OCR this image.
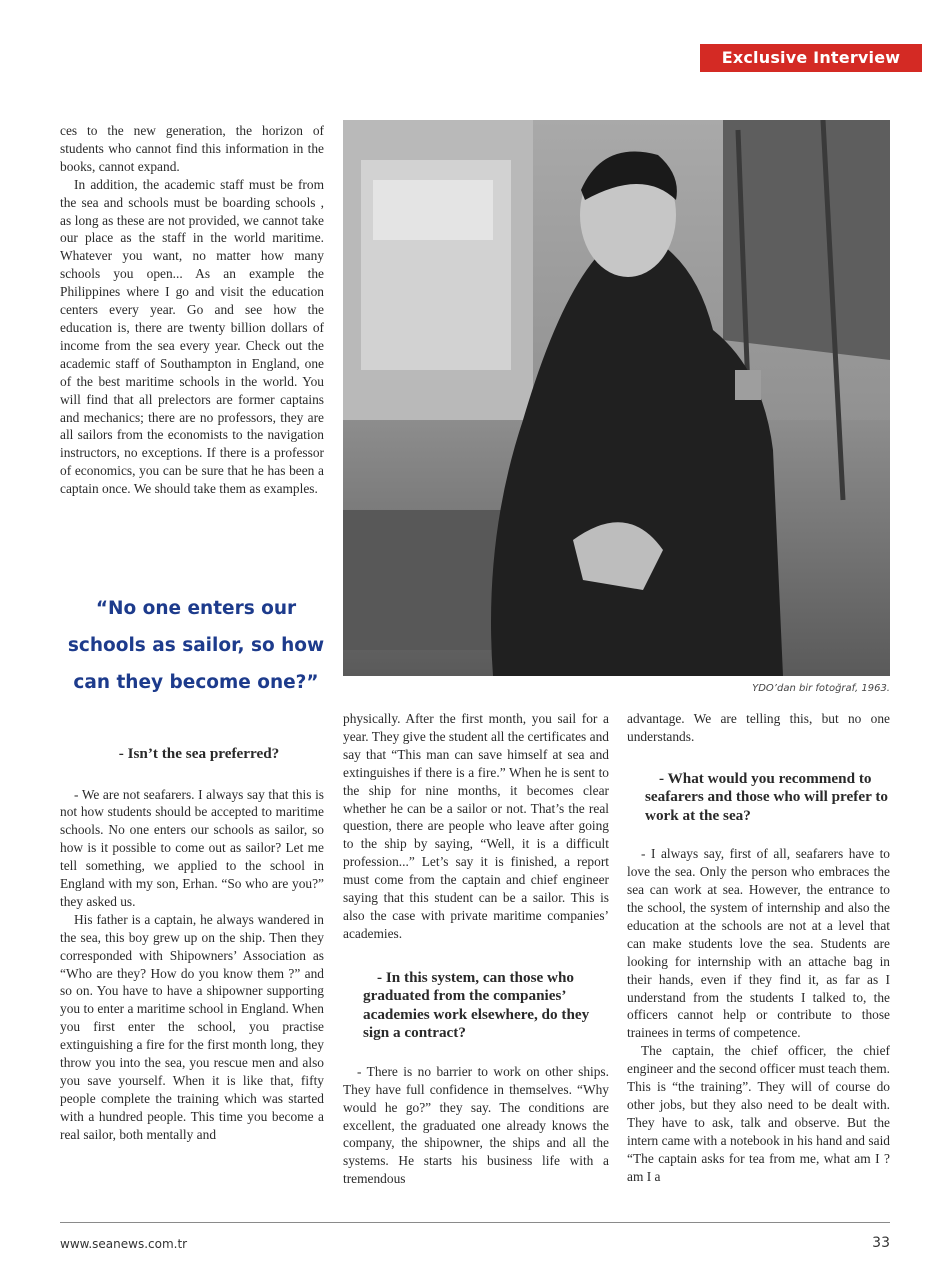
Exclusive Interview

ces to the new generation, the horizon of students who cannot find this information in the books, cannot expand.

In addition, the academic staff must be from the sea and schools must be boarding schools , as long as these are not provided, we cannot take our place as the staff in the world maritime. Whatever you want, no matter how many schools you open... As an example the Philippines where I go and visit the education centers every year. Go and see how the education is, there are twenty billion dollars of income from the sea every year. Check out the academic staff of Southampton in England, one of the best maritime schools in the world. You will find that all prelectors are former captains and mechanics; there are no professors, they are all sailors from the economists to the navigation instructors, no exceptions. If there is a professor of economics, you can be sure that he has been a captain once. We should take them as examples.

“No one enters our schools as sailor, so how can they become one?”

- Isn’t the sea preferred?

- We are not seafarers. I always say that this is not how students should be accepted to maritime schools. No one enters our schools as sailor, so how is it possible to come out as sailor? Let me tell something, we applied to the school in England with my son, Erhan. “So who are you?” they asked us.

His father is a captain, he always wandered in the sea, this boy grew up on the ship. Then they corresponded with Shipowners’ Association as “Who are they? How do you know them ?” and so on. You have to have a shipowner supporting you to enter a maritime school in England. When you first enter the school, you practise extinguishing a fire for the first month long, they throw you into the sea, you rescue men and also you save yourself. When it is like that, fifty people complete the training which was started with a hundred people. This time you become a real sailor, both mentally and

YDO’dan bir fotoğraf, 1963.

physically. After the first month, you sail for a year. They give the student all the certificates and say that “This man can save himself at sea and extinguishes if there is a fire.” When he is sent to the ship for nine months, it becomes clear whether he can be a sailor or not. That’s the real question, there are people who leave after going to the ship by saying, “Well, it is a difficult profession...” Let’s say it is finished, a report must come from the captain and chief engineer saying that this student can be a sailor. This is also the case with private maritime companies’ academies.

- In this system, can those who graduated from the companies’ academies work elsewhere, do they sign a contract?

- There is no barrier to work on other ships. They have full confidence in themselves. “Why would he go?” they say. The conditions are excellent, the graduated one already knows the company, the shipowner, the ships and all the systems. He starts his business life with a tremendous

advantage. We are telling this, but no one understands.

- What would you recommend to seafarers and those who will prefer to work at the sea?

- I always say, first of all, seafarers have to love the sea. Only the person who embraces the sea can work at sea. However, the entrance to the school, the system of internship and also the education at the schools are not at a level that can make students love the sea. Students are looking for internship with an attache bag in their hands, even if they find it, as far as I understand from the students I talked to, the officers cannot help or contribute to those trainees in terms of competence.

The captain, the chief officer, the chief engineer and the second officer must teach them. This is “the training”. They will of course do other jobs, but they also need to be dealt with. They have to ask, talk and observe. But the intern came with a notebook in his hand and said “The captain asks for tea from me, what am I ? am I a

www.seanews.com.tr	33
